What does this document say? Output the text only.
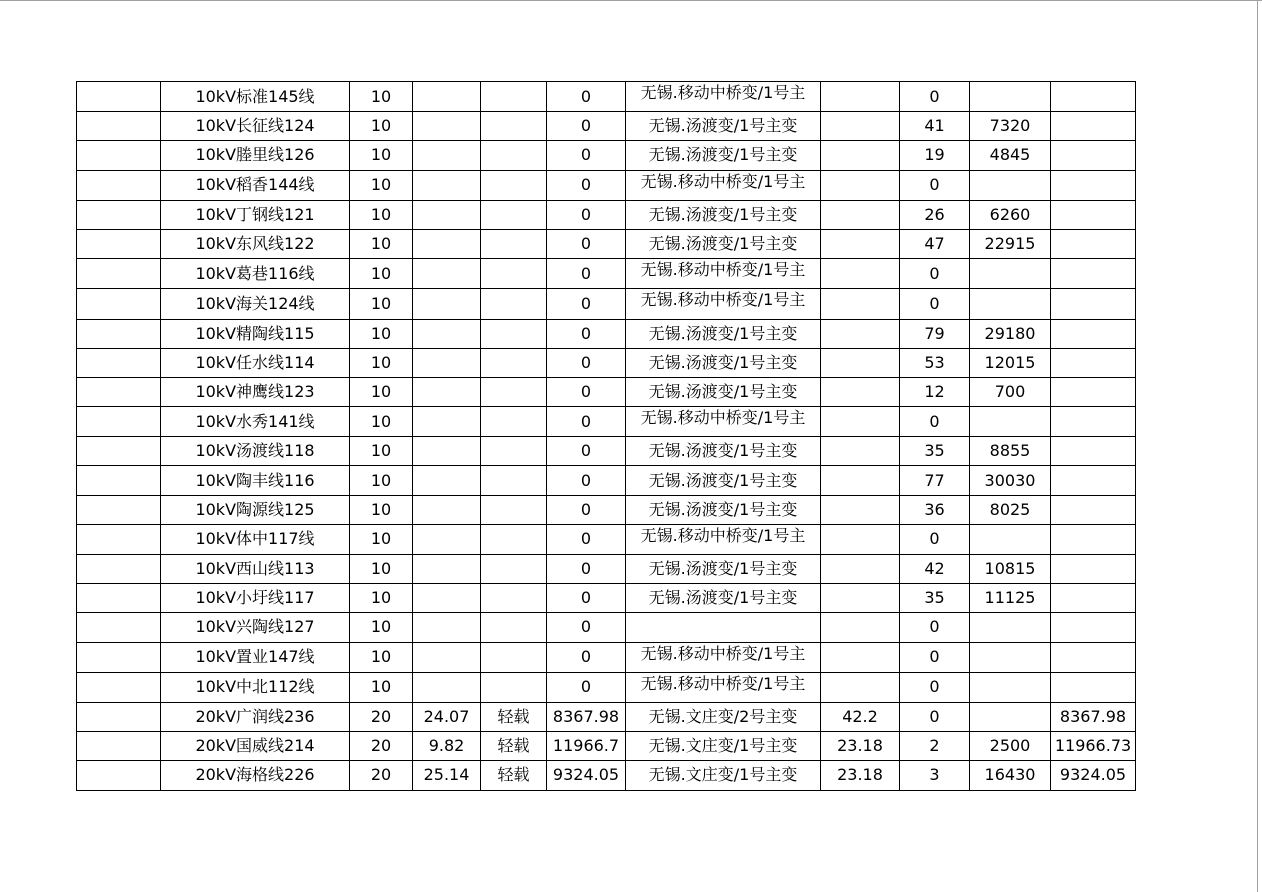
	10kV标准145线	10			0	无锡.移动中桥变/1号主		0		
	10kV长征线124	10			0	无锡.汤渡变/1号主变		41	7320	
	10kV塍里线126	10			0	无锡.汤渡变/1号主变		19	4845	
	10kV稻香144线	10			0	无锡.移动中桥变/1号主		0		
	10kV丁钢线121	10			0	无锡.汤渡变/1号主变		26	6260	
	10kV东风线122	10			0	无锡.汤渡变/1号主变		47	22915	
	10kV葛巷116线	10			0	无锡.移动中桥变/1号主		0		
	10kV海关124线	10			0	无锡.移动中桥变/1号主		0		
	10kV精陶线115	10			0	无锡.汤渡变/1号主变		79	29180	
	10kV任水线114	10			0	无锡.汤渡变/1号主变		53	12015	
	10kV神鹰线123	10			0	无锡.汤渡变/1号主变		12	700	
	10kV水秀141线	10			0	无锡.移动中桥变/1号主		0		
	10kV汤渡线118	10			0	无锡.汤渡变/1号主变		35	8855	
	10kV陶丰线116	10			0	无锡.汤渡变/1号主变		77	30030	
	10kV陶源线125	10			0	无锡.汤渡变/1号主变		36	8025	
	10kV体中117线	10			0	无锡.移动中桥变/1号主		0		
	10kV西山线113	10			0	无锡.汤渡变/1号主变		42	10815	
	10kV小圩线117	10			0	无锡.汤渡变/1号主变		35	11125	
	10kV兴陶线127	10			0			0		
	10kV置业147线	10			0	无锡.移动中桥变/1号主		0		
	10kV中北112线	10			0	无锡.移动中桥变/1号主		0		
	20kV广润线236	20	24.07	轻载	8367.98	无锡.文庄变/2号主变	42.2	0		8367.98
	20kV国威线214	20	9.82	轻载	11966.7	无锡.文庄变/1号主变	23.18	2	2500	11966.73
	20kV海格线226	20	25.14	轻载	9324.05	无锡.文庄变/1号主变	23.18	3	16430	9324.05
